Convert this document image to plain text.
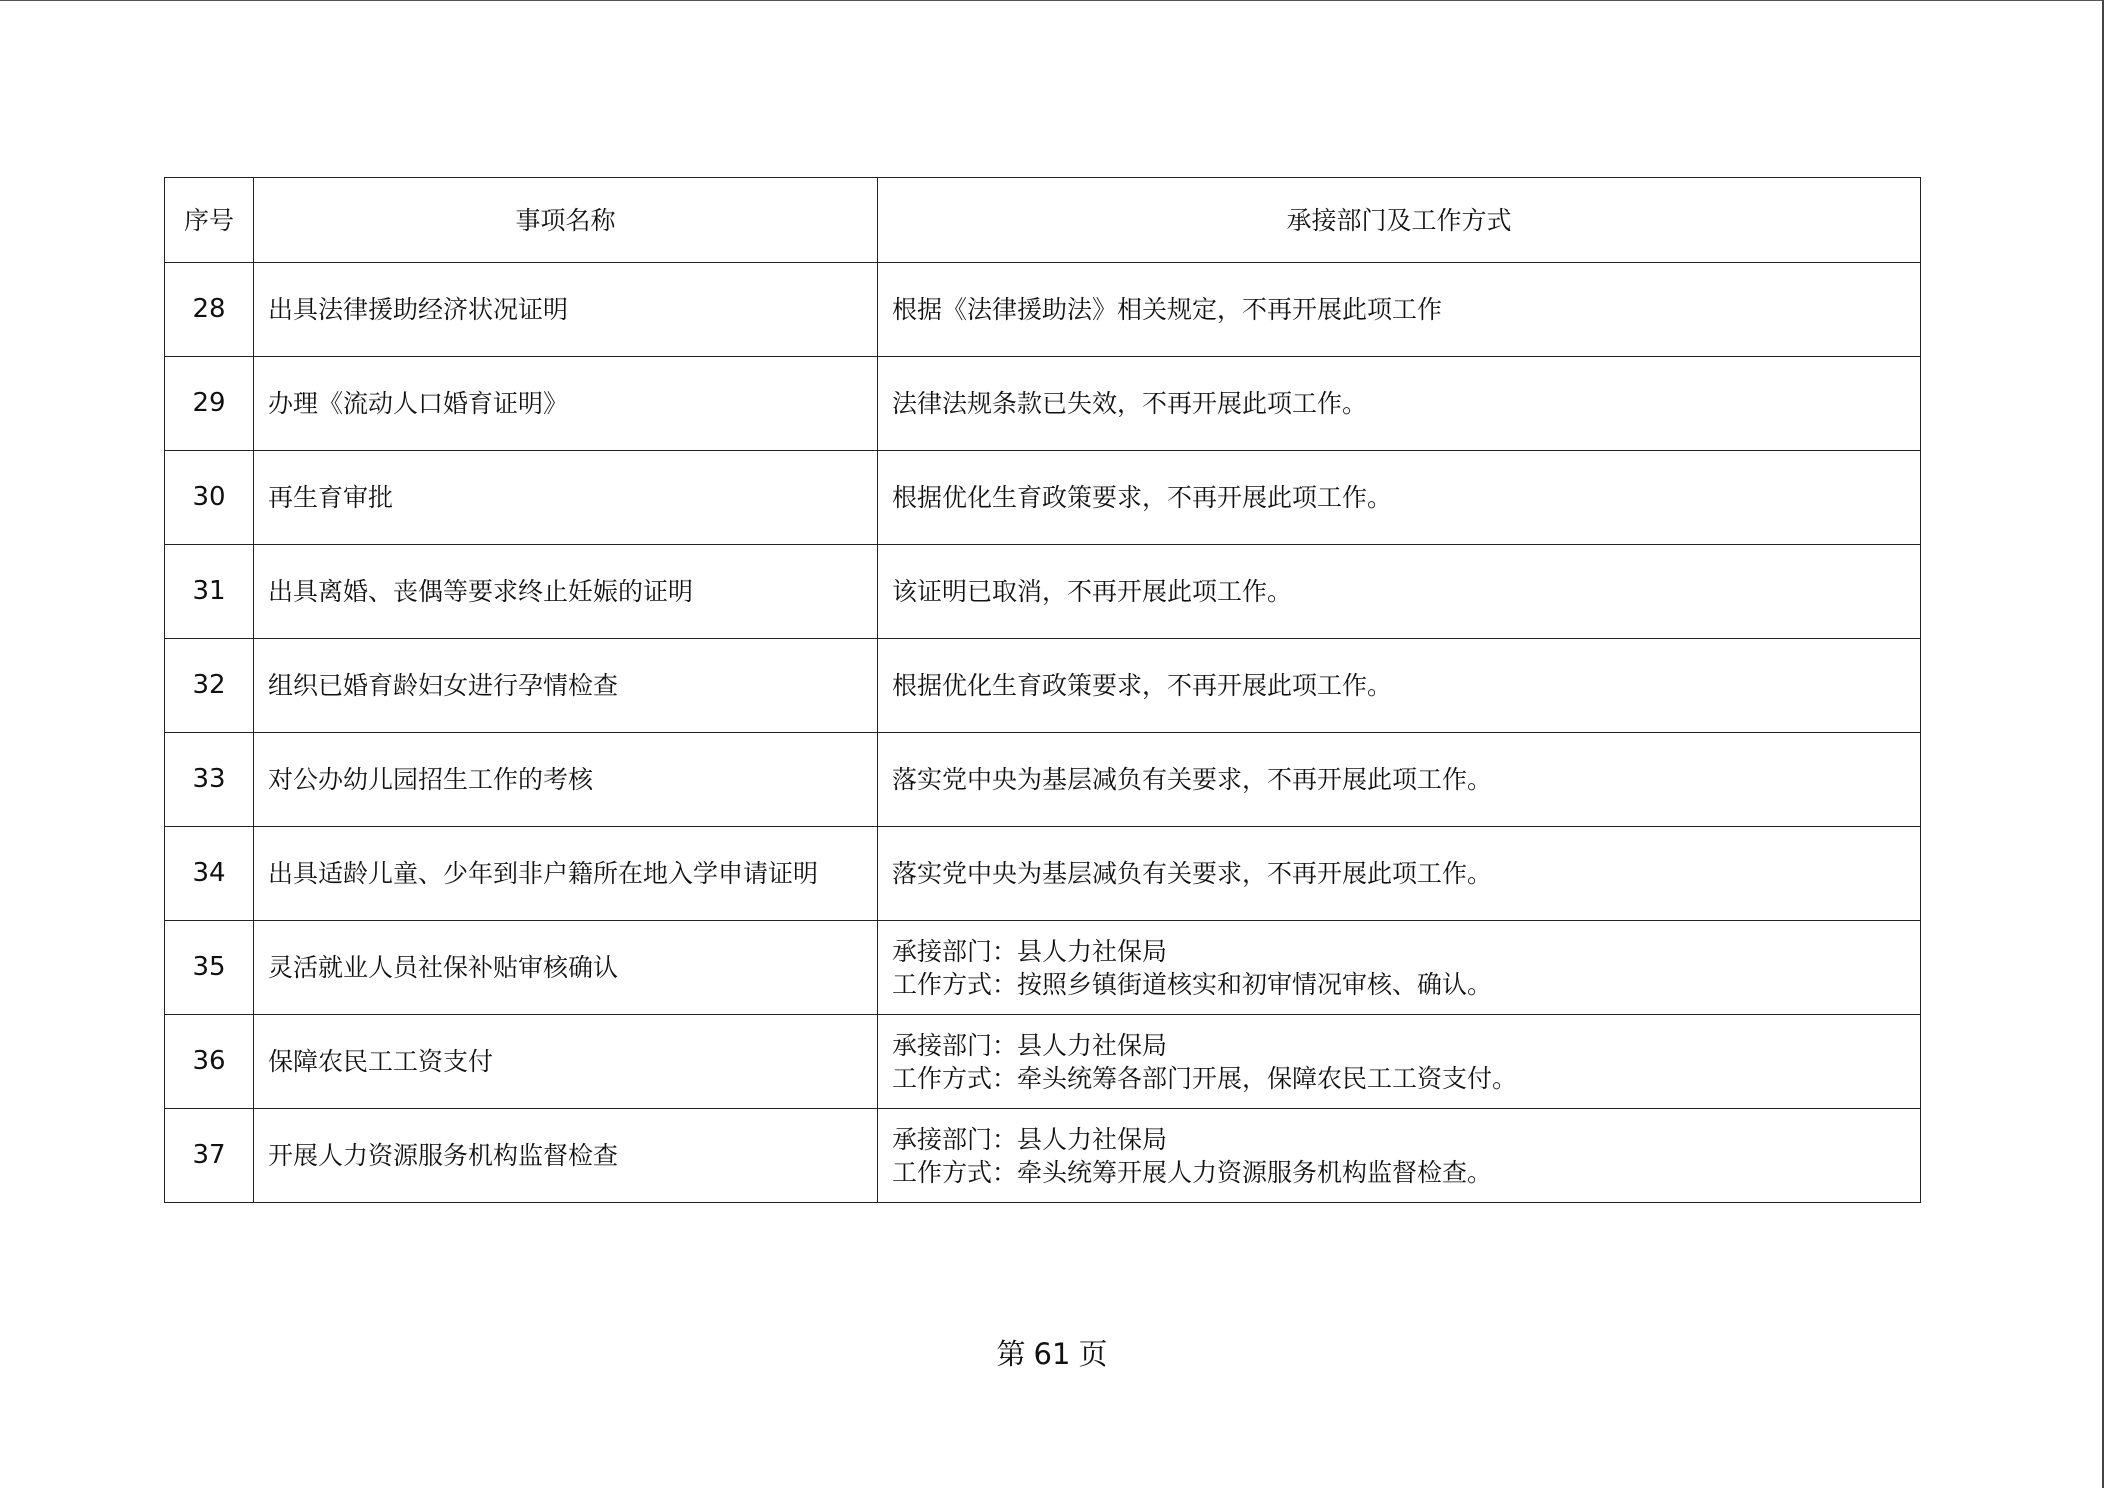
序号	事项名称	承接部门及工作方式
28	出具法律援助经济状况证明	根据《法律援助法》相关规定，不再开展此项工作

29	办理《流动人口婚育证明》	法律法规条款已失效，不再开展此项工作。

30	再生育审批	根据优化生育政策要求，不再开展此项工作。

31	出具离婚、丧偶等要求终止妊娠的证明	该证明已取消，不再开展此项工作。

32	组织已婚育龄妇女进行孕情检查	根据优化生育政策要求，不再开展此项工作。

33	对公办幼儿园招生工作的考核	落实党中央为基层减负有关要求，不再开展此项工作。

34	出具适龄儿童、少年到非户籍所在地入学申请证明	落实党中央为基层减负有关要求，不再开展此项工作。

35	灵活就业人员社保补贴审核确认	承接部门：县人力社保局
工作方式：按照乡镇街道核实和初审情况审核、确认。

36	保障农民工工资支付	承接部门：县人力社保局
工作方式：牵头统筹各部门开展，保障农民工工资支付。

37	开展人力资源服务机构监督检查	承接部门：县人力社保局
工作方式：牵头统筹开展人力资源服务机构监督检查。
第 61 页
